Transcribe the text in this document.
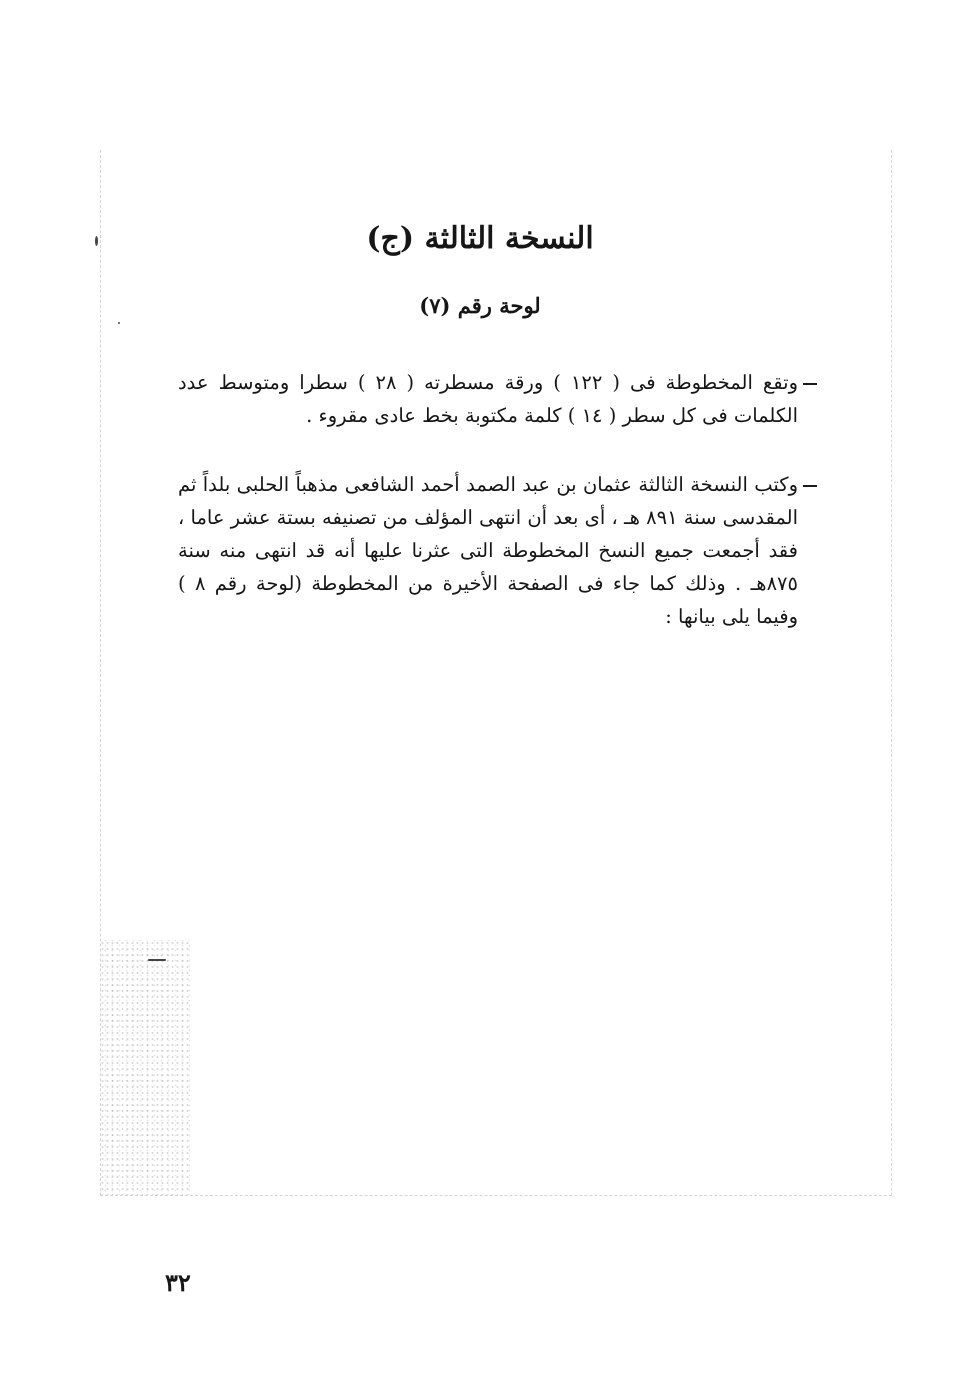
النسخة الثالثة (ج)
لوحة رقم (٧)

وتقع المخطوطة فى ( ١٢٢ ) ورقة مسطرته ( ٢٨ ) سطرا ومتوسط عدد الكلمات فى كل سطر ( ١٤ ) كلمة مكتوبة بخط عادى مقروء .

وكتب النسخة الثالثة عثمان بن عبد الصمد أحمد الشافعى مذهباً الحلبى بلداً ثم المقدسى سنة ٨٩١ هـ ، أى بعد أن انتهى المؤلف من تصنيفه بستة عشر عاما ، فقد أجمعت جميع النسخ المخطوطة التى عثرنا عليها أنه قد انتهى منه سنة ٨٧٥هـ . وذلك كما جاء فى الصفحة الأخيرة من المخطوطة (لوحة رقم ٨ ) وفيما يلى بيانها :

٣٢
